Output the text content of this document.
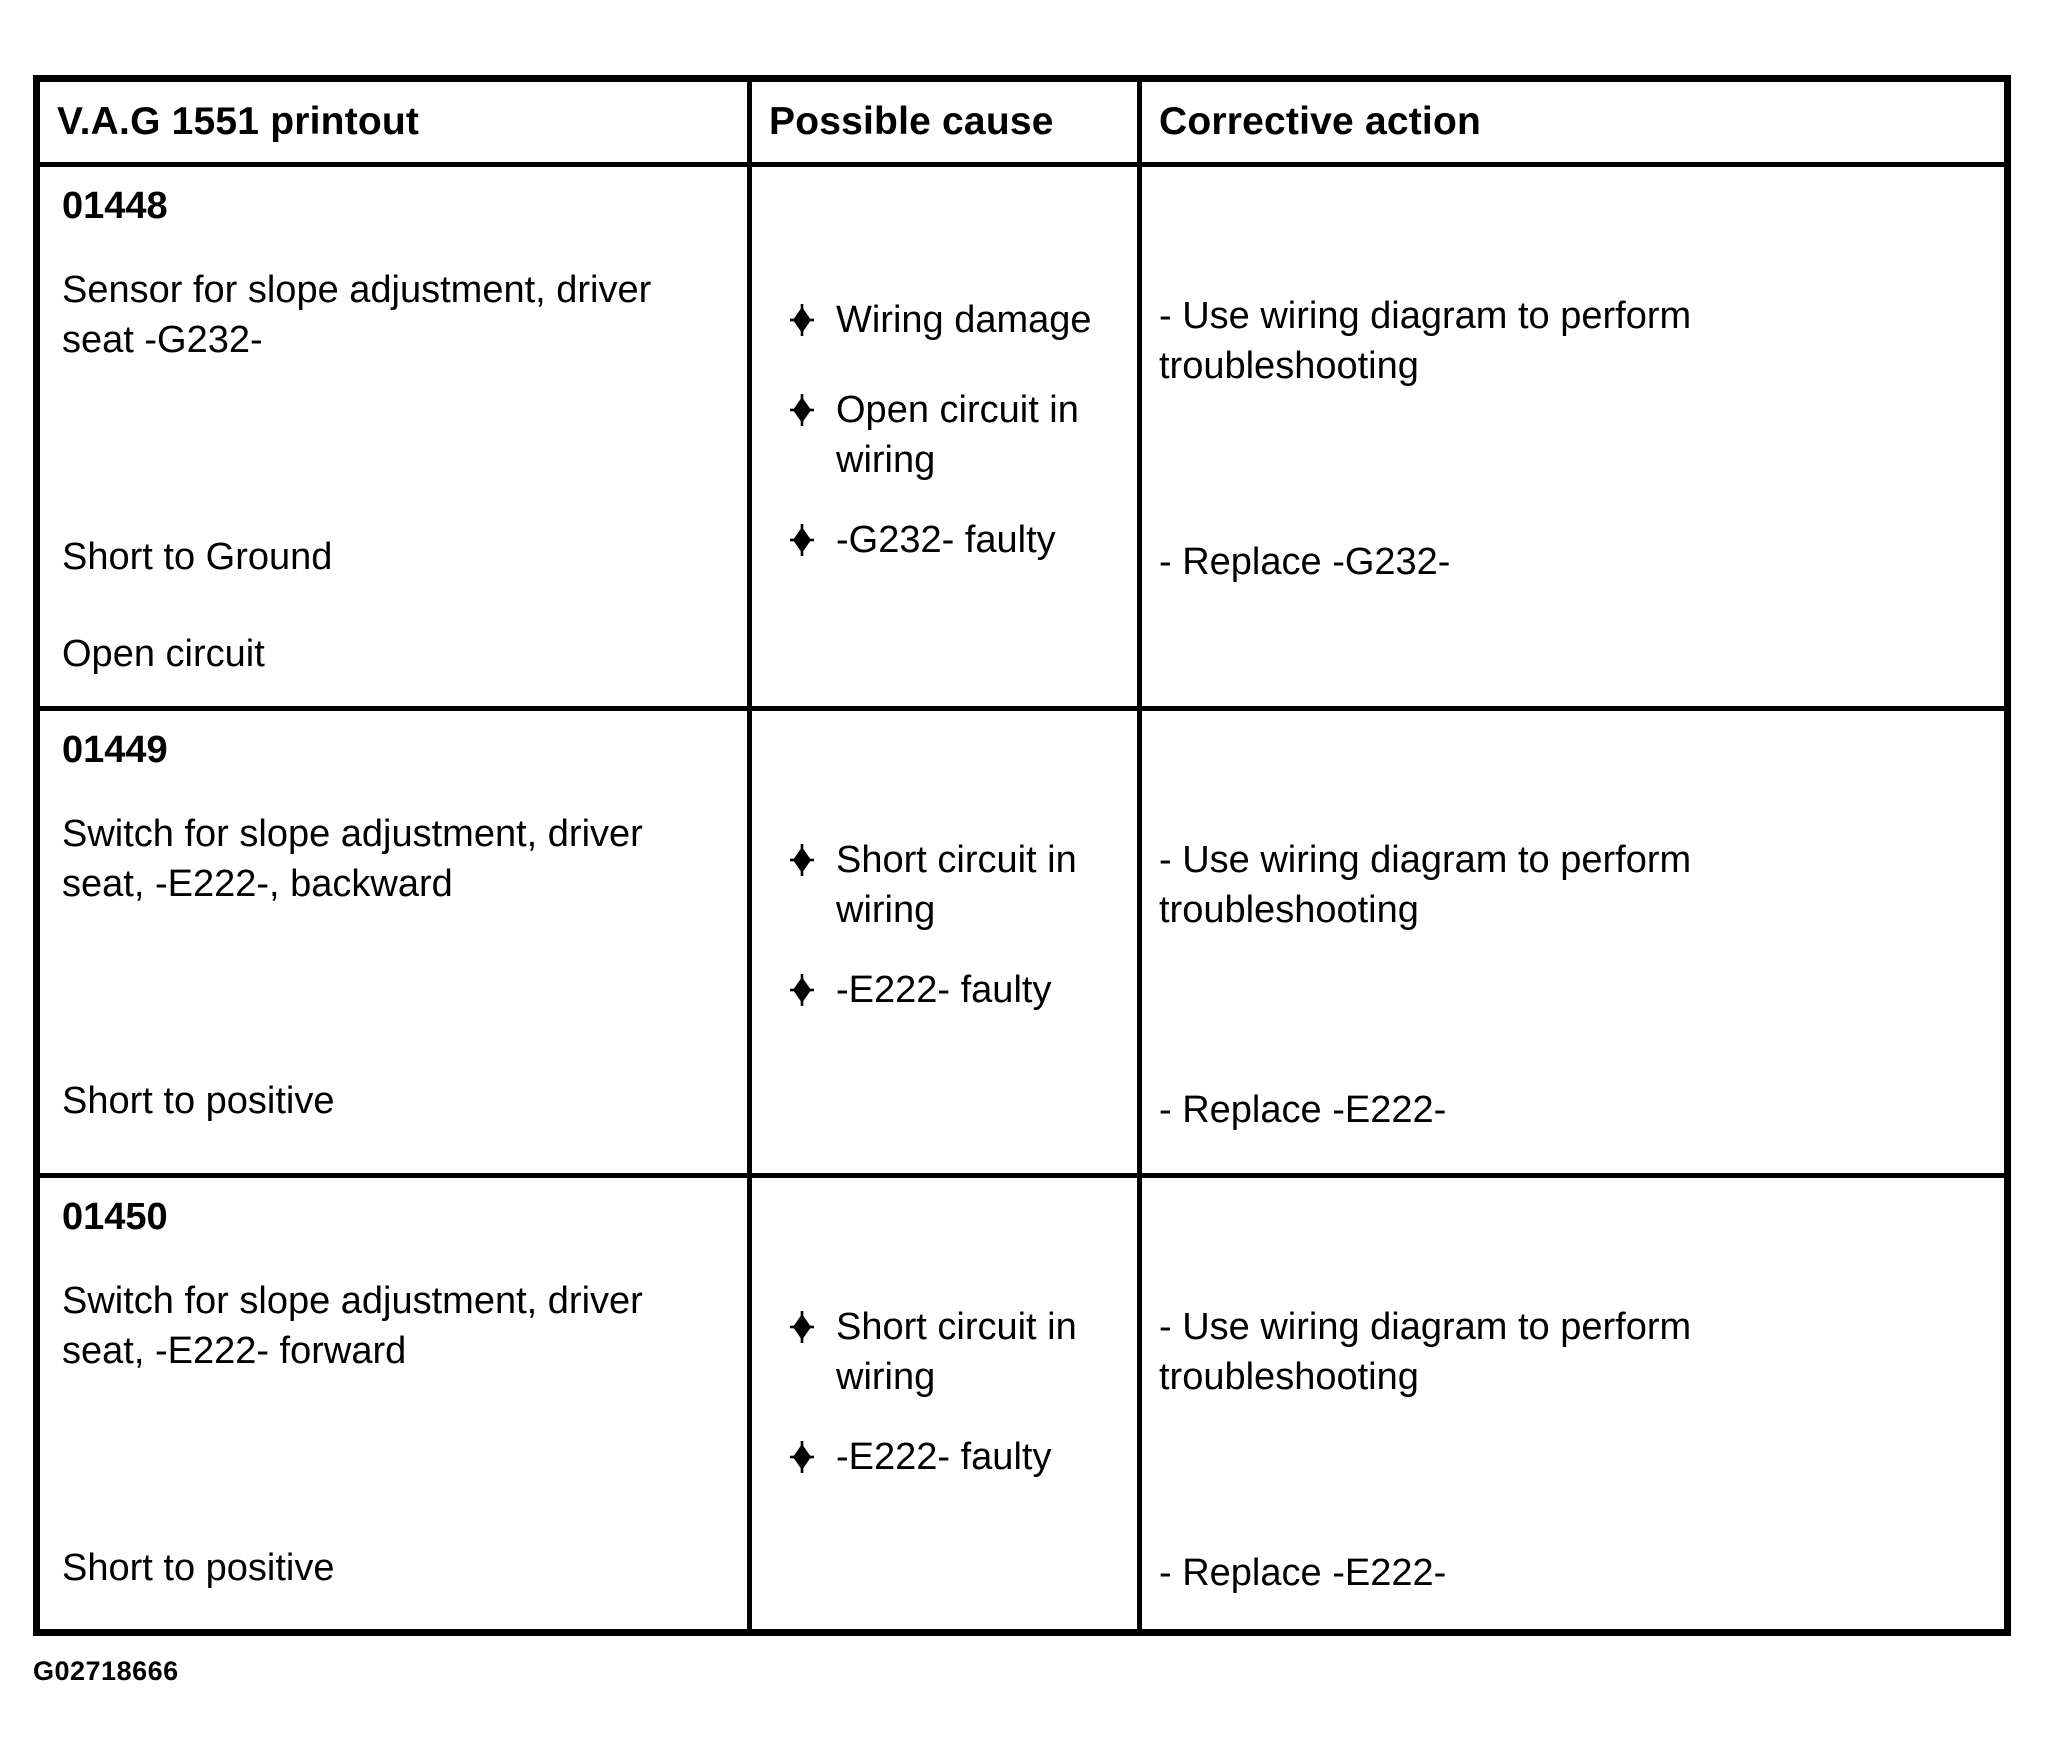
V.A.G 1551 printout	Possible cause	Corrective action
01448
Sensor for slope adjustment, driver seat -G232-
Short to Ground
Open circuit
Wiring damage
Open circuit in wiring
-G232- faulty
- Use wiring diagram to perform troubleshooting
- Replace -G232-
01449
Switch for slope adjustment, driver seat, -E222-, backward
Short to positive
Short circuit in wiring
-E222- faulty
- Use wiring diagram to perform troubleshooting
- Replace -E222-
01450
Switch for slope adjustment, driver seat, -E222- forward
Short to positive
Short circuit in wiring
-E222- faulty
- Use wiring diagram to perform troubleshooting
- Replace -E222-
G02718666
